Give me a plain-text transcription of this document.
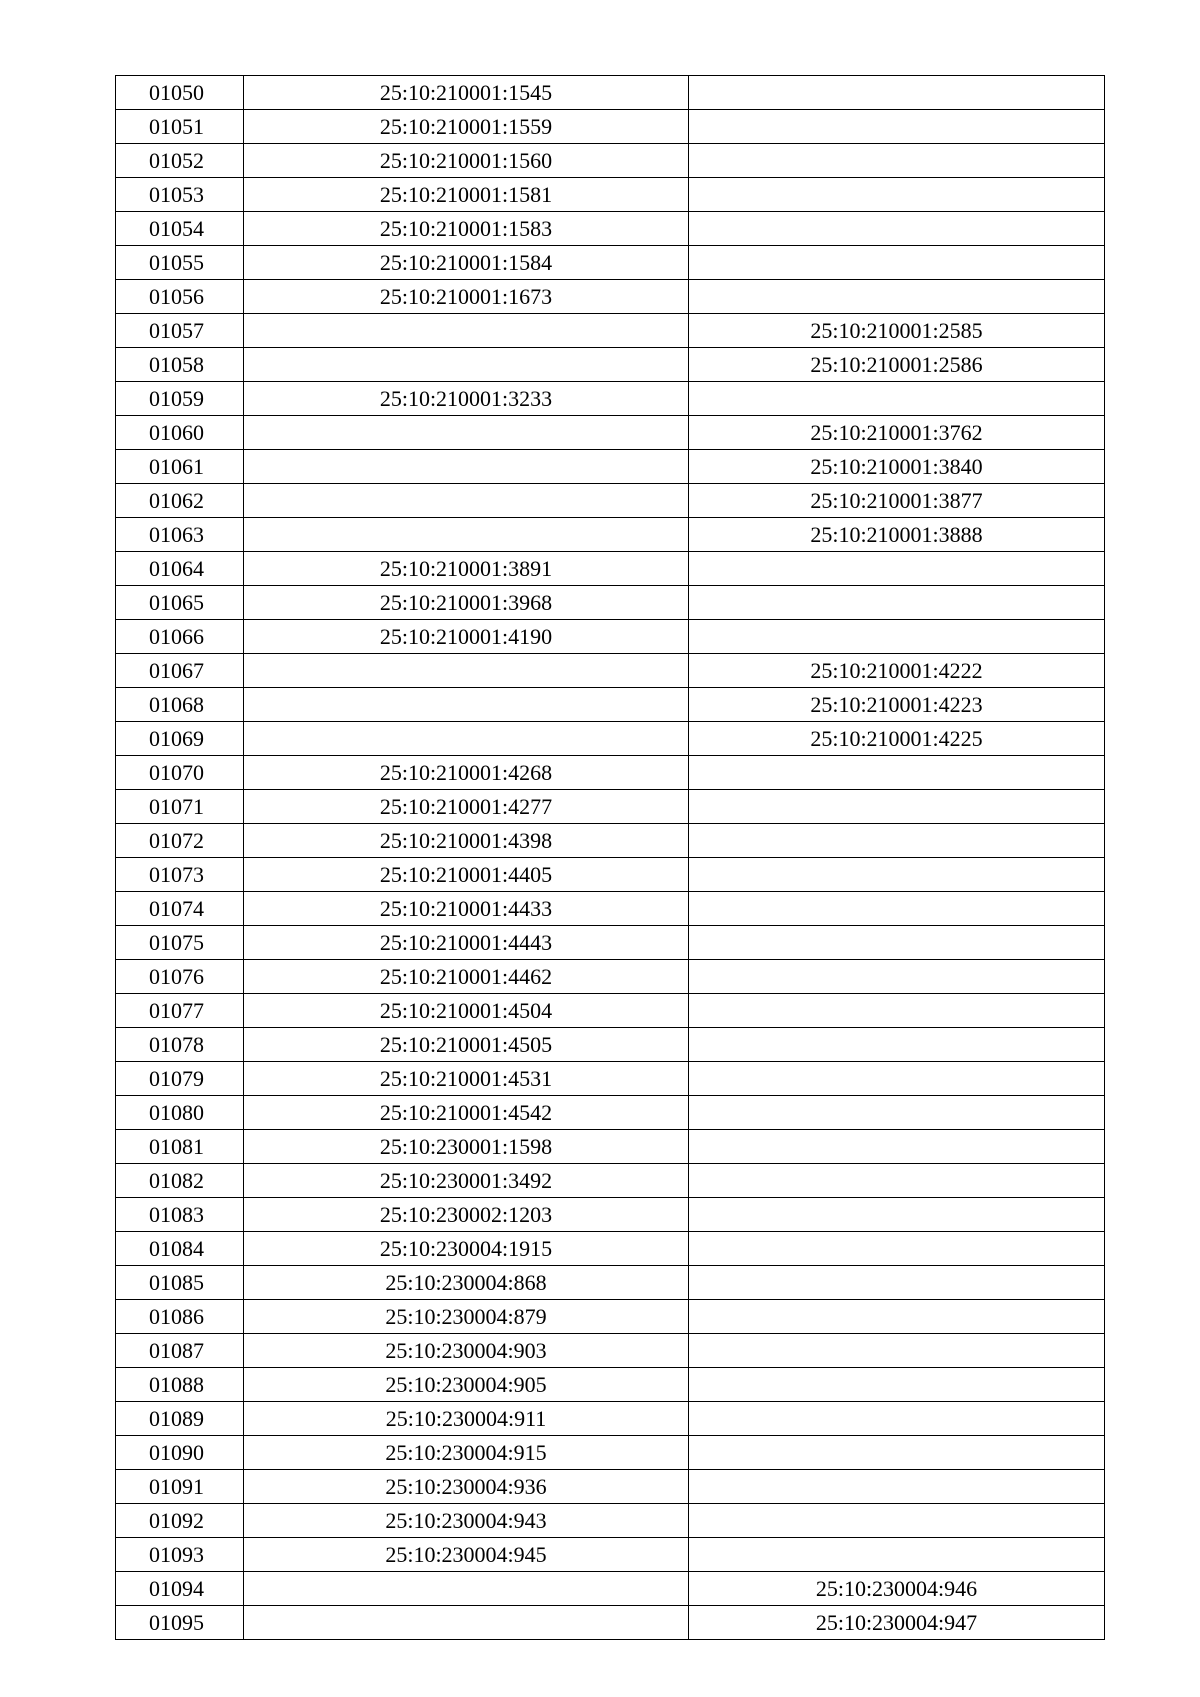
01050	25:10:210001:1545	
01051	25:10:210001:1559	
01052	25:10:210001:1560	
01053	25:10:210001:1581	
01054	25:10:210001:1583	
01055	25:10:210001:1584	
01056	25:10:210001:1673	
01057		25:10:210001:2585
01058		25:10:210001:2586
01059	25:10:210001:3233	
01060		25:10:210001:3762
01061		25:10:210001:3840
01062		25:10:210001:3877
01063		25:10:210001:3888
01064	25:10:210001:3891	
01065	25:10:210001:3968	
01066	25:10:210001:4190	
01067		25:10:210001:4222
01068		25:10:210001:4223
01069		25:10:210001:4225
01070	25:10:210001:4268	
01071	25:10:210001:4277	
01072	25:10:210001:4398	
01073	25:10:210001:4405	
01074	25:10:210001:4433	
01075	25:10:210001:4443	
01076	25:10:210001:4462	
01077	25:10:210001:4504	
01078	25:10:210001:4505	
01079	25:10:210001:4531	
01080	25:10:210001:4542	
01081	25:10:230001:1598	
01082	25:10:230001:3492	
01083	25:10:230002:1203	
01084	25:10:230004:1915	
01085	25:10:230004:868	
01086	25:10:230004:879	
01087	25:10:230004:903	
01088	25:10:230004:905	
01089	25:10:230004:911	
01090	25:10:230004:915	
01091	25:10:230004:936	
01092	25:10:230004:943	
01093	25:10:230004:945	
01094		25:10:230004:946
01095		25:10:230004:947
